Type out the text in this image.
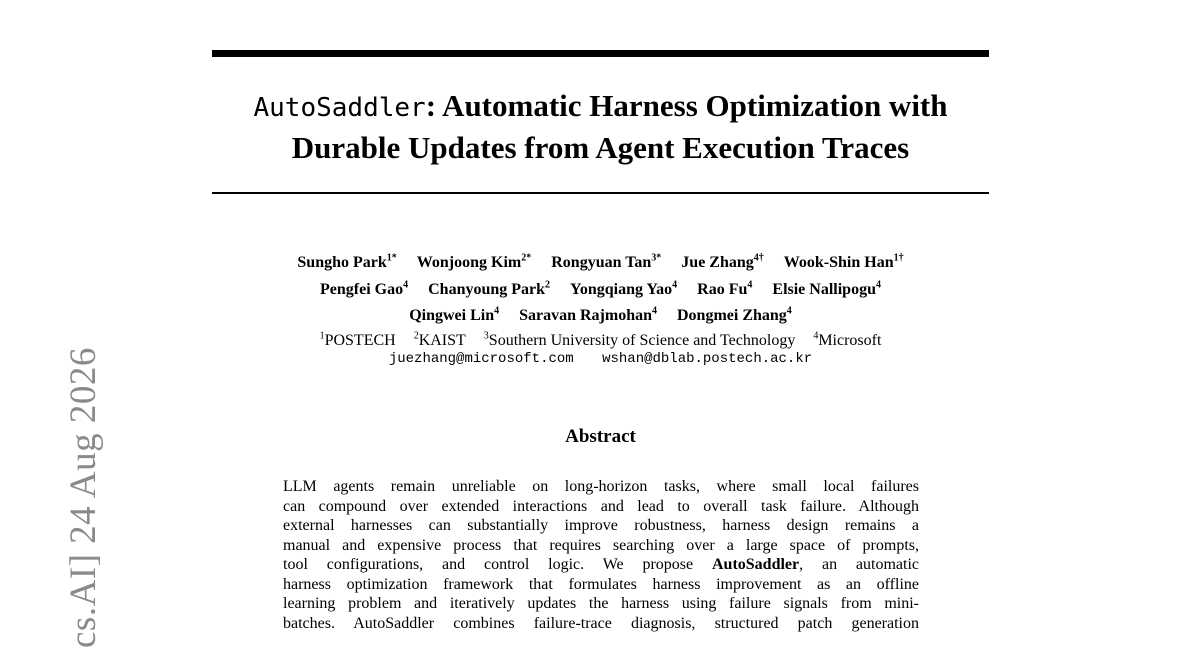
AutoSaddler: Automatic Harness Optimization with
Durable Updates from Agent Execution Traces
Sungho Park$^{1*}$ Wonjoong Kim$^{2*}$ Rongyuan Tan$^{3*}$ Jue Zhang$^{4\dagger}$ Wook-Shin Han$^{1\dagger}$
Pengfei Gao$^4$ Chanyoung Park$^2$ Yongqiang Yao$^4$ Rao Fu$^4$ Elsie Nallipogu$^4$
Qingwei Lin$^4$ Saravan Rajmohan$^4$ Dongmei Zhang$^4$
$^1$POSTECH $^2$KAIST $^3$Southern University of Science and Technology $^4$Microsoft
juezhang@microsoft.com wshan@dblab.postech.ac.kr
Abstract

LLM agents remain unreliable on long-horizon tasks, where small local failures
can compound over extended interactions and lead to overall task failure. Although
external harnesses can substantially improve robustness, harness design remains a
manual and expensive process that requires searching over a large space of prompts,
tool configurations, and control logic. We propose AutoSaddler, an automatic
harness optimization framework that formulates harness improvement as an offline
learning problem and iteratively updates the harness using failure signals from mini-
batches. AutoSaddler combines failure-trace diagnosis, structured patch generation

cs.AI] 24 Aug 2026
